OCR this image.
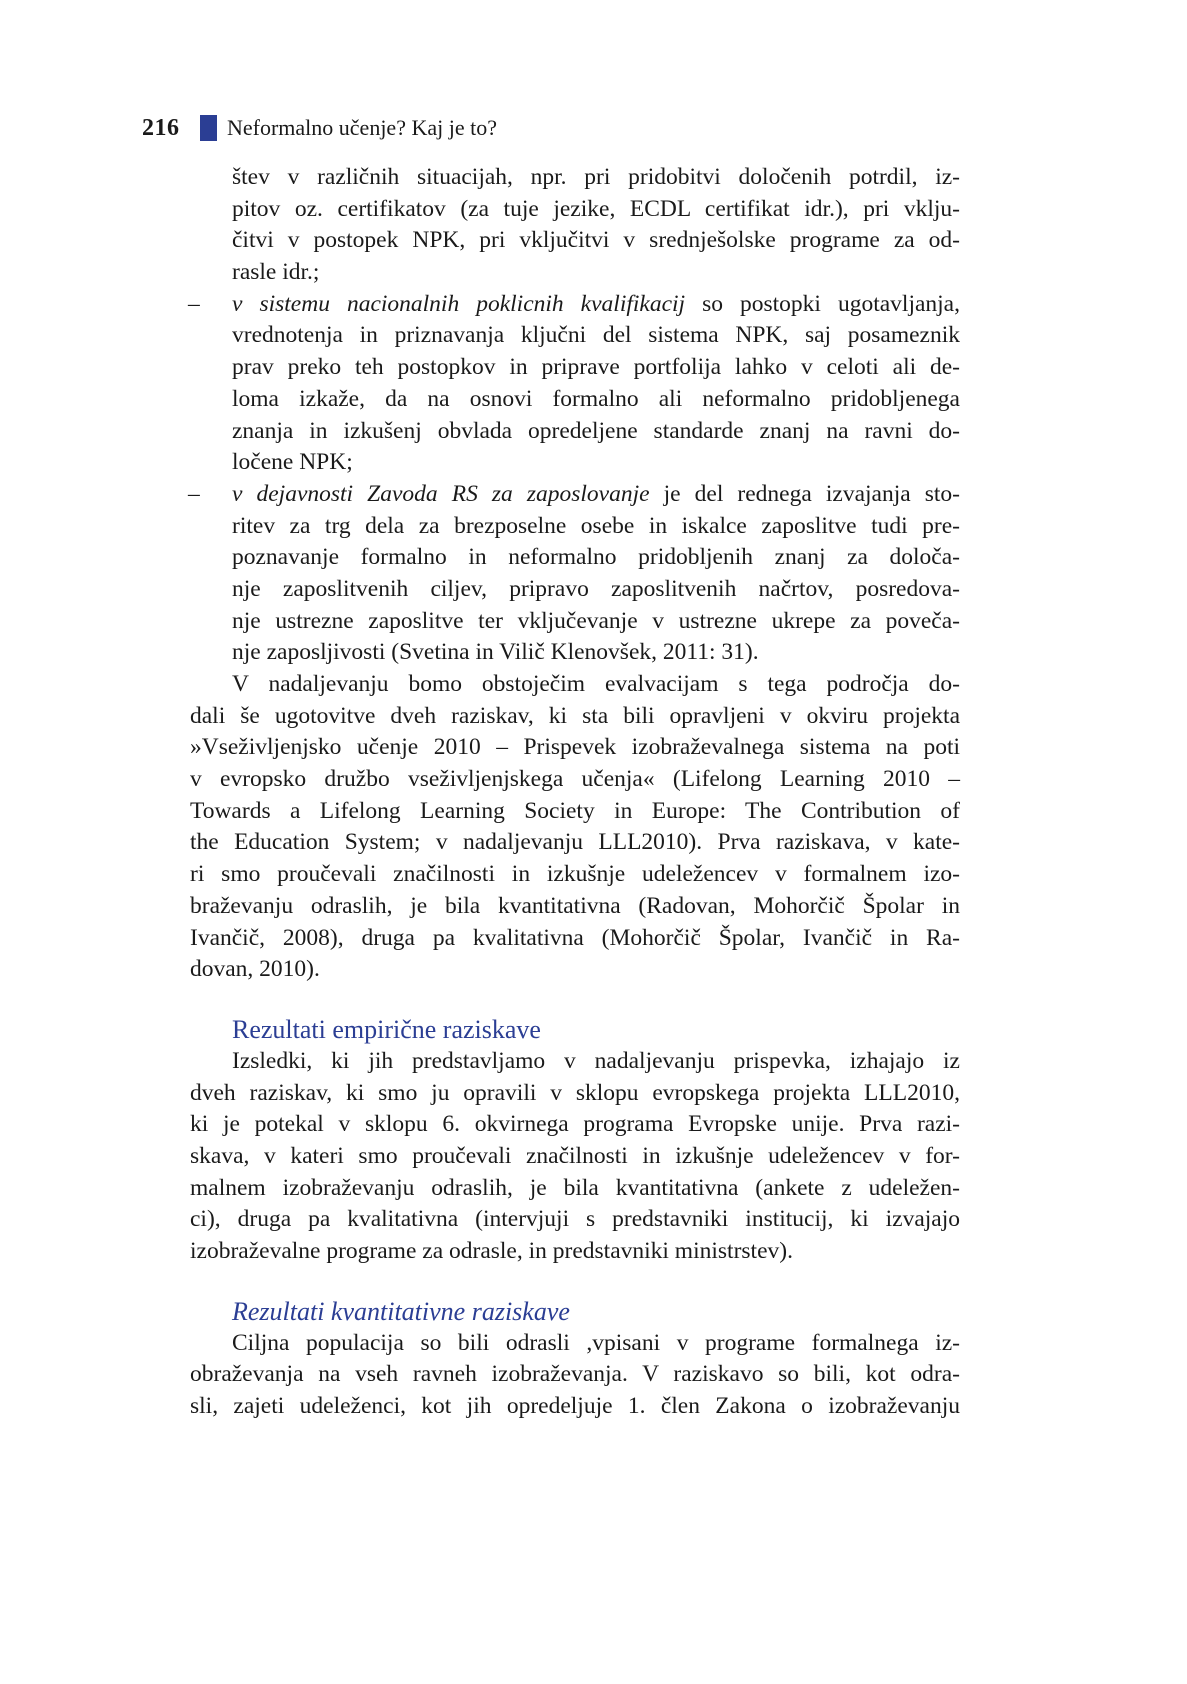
216	Neformalno učenje? Kaj je to?
štev v različnih situacijah, npr. pri pridobitvi določenih potrdil, iz-
pitov oz. certifikatov (za tuje jezike, ECDL certifikat idr.), pri vklju-
čitvi v postopek NPK, pri vključitvi v srednješolske programe za od-
rasle idr.;
– v sistemu nacionalnih poklicnih kvalifikacij so postopki ugotavljanja,
vrednotenja in priznavanja ključni del sistema NPK, saj posameznik
prav preko teh postopkov in priprave portfolija lahko v celoti ali de-
loma izkaže, da na osnovi formalno ali neformalno pridobljenega
znanja in izkušenj obvlada opredeljene standarde znanj na ravni do-
ločene NPK;
– v dejavnosti Zavoda RS za zaposlovanje je del rednega izvajanja sto-
ritev za trg dela za brezposelne osebe in iskalce zaposlitve tudi pre-
poznavanje formalno in neformalno pridobljenih znanj za določa-
nje zaposlitvenih ciljev, pripravo zaposlitvenih načrtov, posredova-
nje ustrezne zaposlitve ter vključevanje v ustrezne ukrepe za poveča-
nje zaposljivosti (Svetina in Vilič Klenovšek, 2011: 31).
V nadaljevanju bomo obstoječim evalvacijam s tega področja do-
dali še ugotovitve dveh raziskav, ki sta bili opravljeni v okviru projekta
»Vseživljenjsko učenje 2010 – Prispevek izobraževalnega sistema na poti
v evropsko družbo vseživljenjskega učenja« (Lifelong Learning 2010 –
Towards a Lifelong Learning Society in Europe: The Contribution of
the Education System; v nadaljevanju LLL2010). Prva raziskava, v kate-
ri smo proučevali značilnosti in izkušnje udeležencev v formalnem izo-
braževanju odraslih, je bila kvantitativna (Radovan, Mohorčič Špolar in
Ivančič, 2008), druga pa kvalitativna (Mohorčič Špolar, Ivančič in Ra-
dovan, 2010).
Rezultati empirične raziskave
Izsledki, ki jih predstavljamo v nadaljevanju prispevka, izhajajo iz
dveh raziskav, ki smo ju opravili v sklopu evropskega projekta LLL2010,
ki je potekal v sklopu 6. okvirnega programa Evropske unije. Prva razi-
skava, v kateri smo proučevali značilnosti in izkušnje udeležencev v for-
malnem izobraževanju odraslih, je bila kvantitativna (ankete z udeležen-
ci), druga pa kvalitativna (intervjuji s predstavniki institucij, ki izvajajo
izobraževalne programe za odrasle, in predstavniki ministrstev).
Rezultati kvantitativne raziskave
Ciljna populacija so bili odrasli ,vpisani v programe formalnega iz-
obraževanja na vseh ravneh izobraževanja. V raziskavo so bili, kot odra-
sli, zajeti udeleženci, kot jih opredeljuje 1. člen Zakona o izobraževanju
